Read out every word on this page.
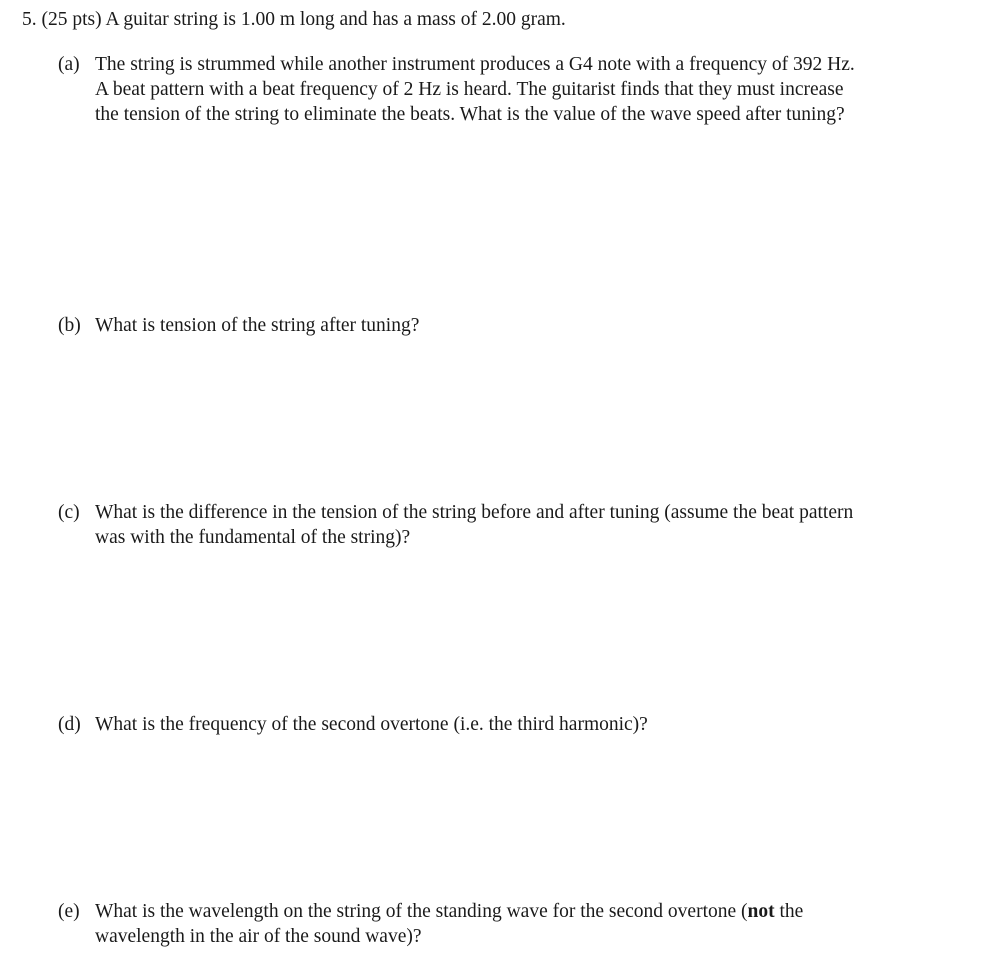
5. (25 pts) A guitar string is 1.00 m long and has a mass of 2.00 gram.
(a) The string is strummed while another instrument produces a G4 note with a frequency of 392 Hz.
A beat pattern with a beat frequency of 2 Hz is heard. The guitarist finds that they must increase
the tension of the string to eliminate the beats. What is the value of the wave speed after tuning?
(b) What is tension of the string after tuning?
(c) What is the difference in the tension of the string before and after tuning (assume the beat pattern
was with the fundamental of the string)?
(d) What is the frequency of the second overtone (i.e. the third harmonic)?
(e) What is the wavelength on the string of the standing wave for the second overtone (not the
wavelength in the air of the sound wave)?
